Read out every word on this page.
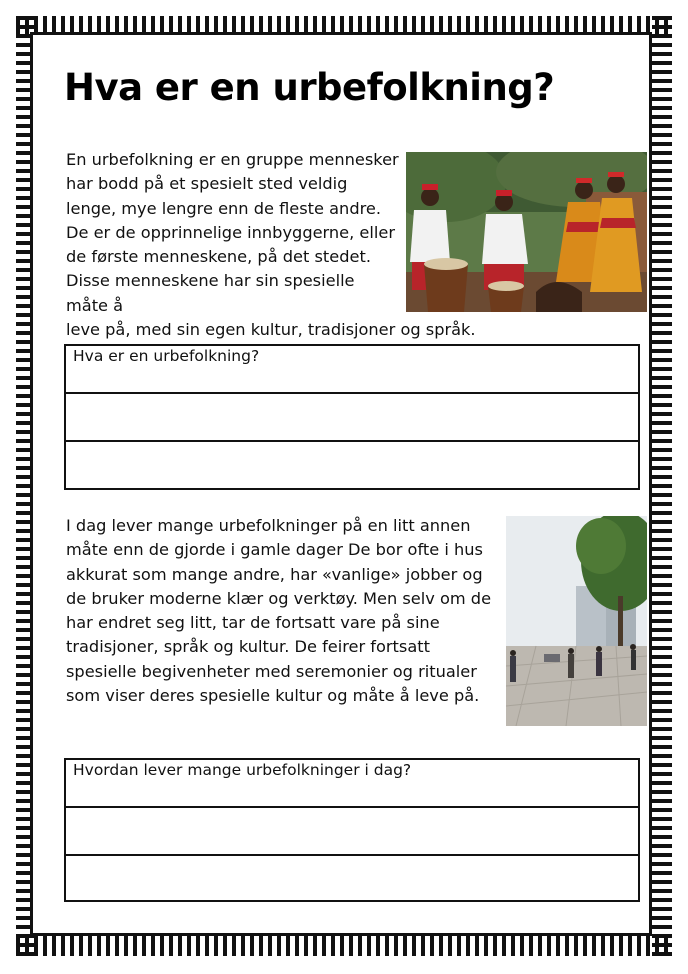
Hva er en urbefolkning?

En urbefolkning er en gruppe mennesker har bodd på et spesielt sted veldig lenge, mye lengre enn de fleste andre. De er de opprinnelige innbyggerne, eller de første menneskene, på det stedet. Disse menneskene har sin spesielle måte å

leve på, med sin egen kultur, tradisjoner og språk.

Hva er en urbefolkning?

I dag lever mange urbefolkninger på en litt annen måte enn de gjorde i gamle dager De bor ofte i hus akkurat som mange andre, har «vanlige» jobber og de bruker moderne klær og verktøy. Men selv om de har endret seg litt, tar de fortsatt vare på sine tradisjoner, språk og kultur. De feirer fortsatt spesielle begivenheter med seremonier og ritualer som viser deres spesielle kultur og måte å leve på.

Hvordan lever mange urbefolkninger i dag?
